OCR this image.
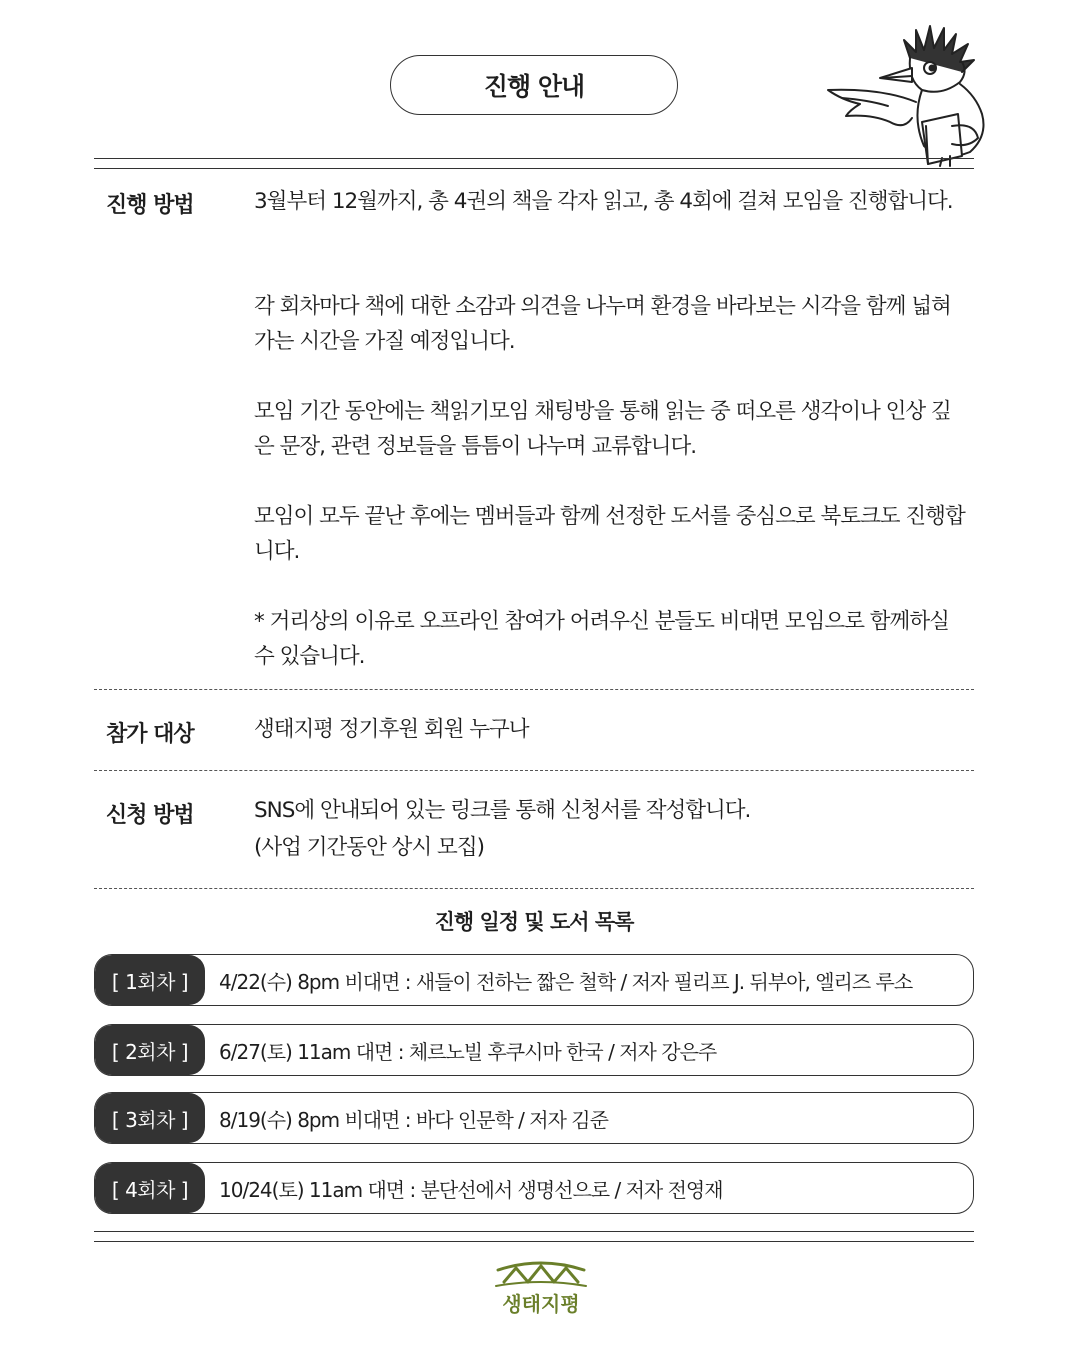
진행 안내
진행 방법	3월부터 12월까지, 총 4권의 책을 각자 읽고, 총 4회에 걸쳐 모임을 진행합니다.

각 회차마다 책에 대한 소감과 의견을 나누며 환경을 바라보는 시각을 함께 넓혀가는 시간을 가질 예정입니다.

모임 기간 동안에는 책읽기모임 채팅방을 통해 읽는 중 떠오른 생각이나 인상 깊은 문장, 관련 정보들을 틈틈이 나누며 교류합니다.

모임이 모두 끝난 후에는 멤버들과 함께 선정한 도서를 중심으로 북토크도 진행합니다.

* 거리상의 이유로 오프라인 참여가 어려우신 분들도 비대면 모임으로 함께하실 수 있습니다.

참가 대상	생태지평 정기후원 회원 누구나

신청 방법	SNS에 안내되어 있는 링크를 통해 신청서를 작성합니다.

(사업 기간동안 상시 모집)

진행 일정 및 도서 목록
[ 1회차 ]	4/22(수) 8pm 비대면 : 새들이 전하는 짧은 철학 / 저자 필리프 J. 뒤부아, 엘리즈 루소
[ 2회차 ]	6/27(토) 11am 대면 : 체르노빌 후쿠시마 한국 / 저자 강은주
[ 3회차 ]	8/19(수) 8pm 비대면 : 바다 인문학 / 저자 김준
[ 4회차 ]	10/24(토) 11am 대면 : 분단선에서 생명선으로 / 저자 전영재
생태지평
